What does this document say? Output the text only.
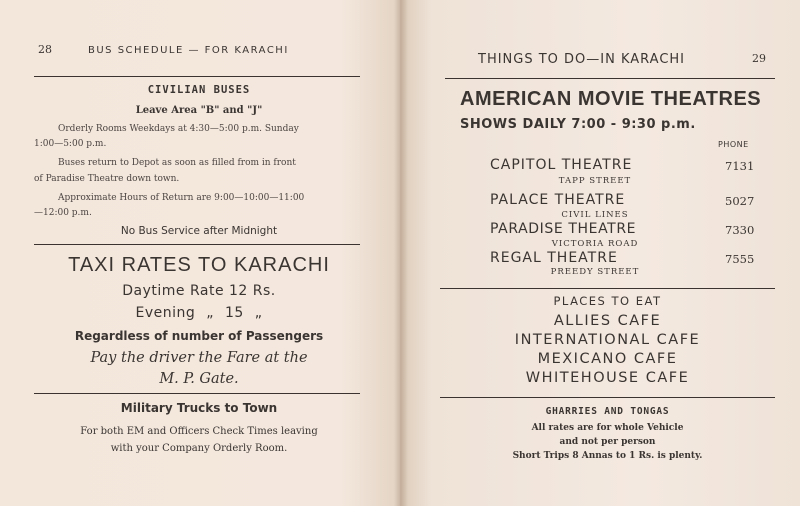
28	BUS SCHEDULE — FOR KARACHI
CIVILIAN BUSES
Leave Area "B" and "J"
Orderly Rooms Weekdays at 4:30—5:00 p.m. Sunday
1:00—5:00 p.m.
Buses return to Depot as soon as filled from in front
of Paradise Theatre down town.
Approximate Hours of Return are 9:00—10:00—11:00
—12:00 p.m.
No Bus Service after Midnight
TAXI RATES TO KARACHI
Daytime Rate 12 Rs.
Evening „ 15 „
Regardless of number of Passengers
Pay the driver the Fare at the
M. P. Gate.
Military Trucks to Town
For both EM and Officers Check Times leaving
with your Company Orderly Room.
THINGS TO DO—IN KARACHI	29
AMERICAN MOVIE THEATRES
SHOWS DAILY 7:00 - 9:30 p.m.
PHONE
CAPITOL THEATRE	7131
TAPP STREET
PALACE THEATRE	5027
CIVIL LINES
PARADISE THEATRE	7330
VICTORIA ROAD
REGAL THEATRE	7555
PREEDY STREET
PLACES TO EAT
ALLIES CAFE
INTERNATIONAL CAFE
MEXICANO CAFE
WHITEHOUSE CAFE
GHARRIES AND TONGAS
All rates are for whole Vehicle
and not per person
Short Trips 8 Annas to 1 Rs. is plenty.
